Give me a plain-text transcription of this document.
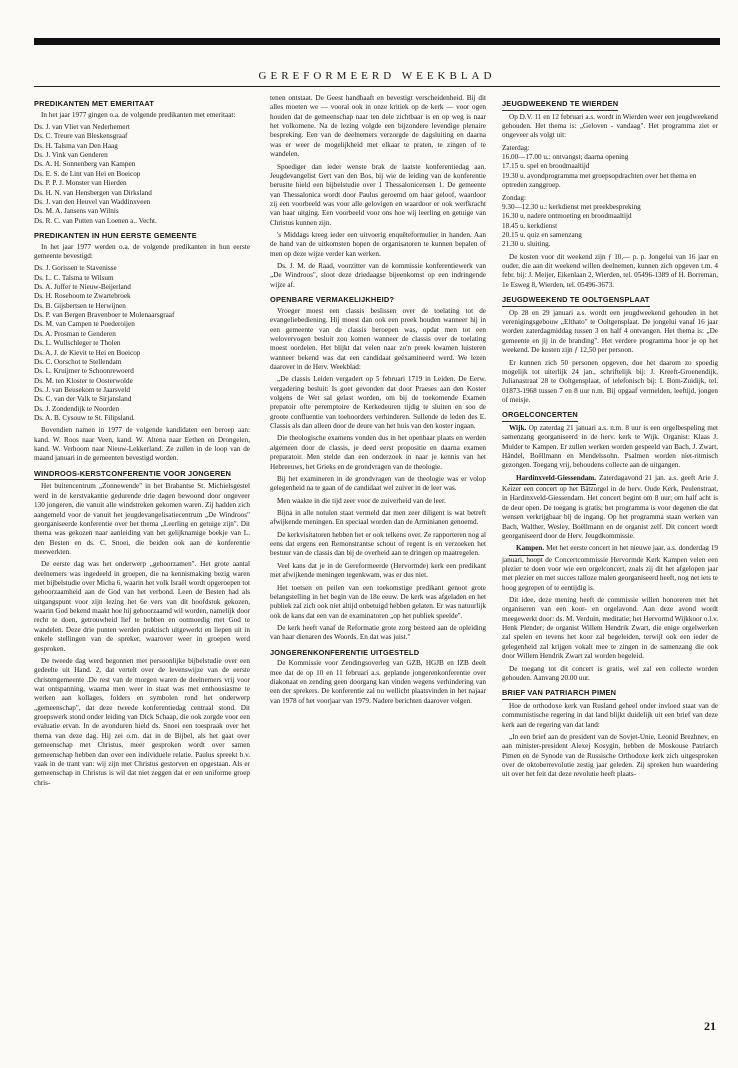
GEREFORMEERD WEEKBLAD
PREDIKANTEN MET EMERITAAT

In het jaar 1977 gingen o.a. de volgende predikanten met emeritaat:

Ds. J. van Vliet van Nederhemert
Ds. C. Treure van Bleskensgraaf
Ds. H. Talsma van Den Haag
Ds. J. Vink van Genderen
Ds. A. H. Sonnenberg van Kampen
Ds. E. S. de Lint van Hei en Boeicop
Ds. P. P. J. Monster van Hierden
Ds. H. N. van Hensbergen van Dirksland
Ds. J. van den Heuvel van Waddinxveen
Ds. M. A. Jansens van Wilnis
Ds. R. C. van Putten van Loenen a.. Vecht.
PREDIKANTEN IN HUN EERSTE GEMEENTE

In het jaar 1977 werden o.a. de volgende predikanten in hun eerste gemeente bevestigd:

Ds. J. Gorissen te Stavenisse
Ds. L. C. Talsma te Wilsum
Ds. A. Juffer te Nieuw-Beijerland
Ds. H. Roseboom te Zwartebroek
Ds. B. Gijsbertsen te Herwijnen
Ds. P. van Bergen Bravenboer te Molenaarsgraaf
Ds. M. van Campen te Poederoijen
Ds. A. Prosman te Genderen
Ds. L. Wullschleger te Tholen
Ds. A. J. de Kievit te Hei en Boeicop
Ds. C. Oorschot te Stellendam
Ds. L. Kruijmer te Schoonrewoerd
Ds. M. ten Kloster te Oosterwolde
Ds. J. van Beusekom te Jaarsveld
Ds. C. van der Valk te Sirjansland
Ds. J. Zondendijk te Noorden
Ds. A. B. Cysouw te St. Filipsland.

Bovendien namen in 1977 de volgende kandidaten een beroep aan: kand. W. Roos naar Veen, kand. W. Altena naar Eethen en Drongelen, kand. W. Verhoom naar Nieuw-Lekkerland. Ze zullen in de loop van de maand januari in de gemeenten bevestigd worden.

WINDROOS-KERSTCONFERENTIE VOOR JONGEREN

Het buitencentrum „Zonnewende" in het Brabantse St. Michielsgestel werd in de kerstvakantie gedurende drie dagen bewoond door ongeveer 130 jongeren, die vanuit alle windstreken gekomen waren. Zij hadden zich aangemeld voor de vanuit het jeugdevangelisatiecentrum „De Windroos" georganiseerde konferentie over het thema „Leerling en getuige zijn". Dit thema was gekozen naar aanleiding van het gelijknamige boekje van L. den Besten en ds. C. Snoei, die beiden ook aan de konferentie meewerkten.

De eerste dag was het onderwerp „gehoorzamen". Het grote aantal deelnemers was ingedeeld in groepen, die na kennismaking bezig waren met bijbelstudie over Micha 6, waarin het volk Israël wordt opgeroepen tot gehoorzaamheid aan de God van het verbond. Leen de Besten had als uitgangspunt voor zijn lezing het 6e vers van dit hoofdstuk gekozen, waarin God bekend maakt hoe hij gehoorzaamd wil worden, namelijk door recht te doen, getrouwheid lief te hebben en ootmoedig met God te wandelen. Deze drie punten werden praktisch uitgewerkt en liepen uit in enkele stellingen van de spreker, waarover weer in groepen werd gesproken.

De tweede dag werd begonnen met persoonlijke bijbelstudie over een gedeelte uit Hand. 2, dat vertelt over de levenswijze van de eerste christengemeente .De rest van de morgen waren de deelnemers vrij voor wat ontspanning, waarna men weer in staat was met enthousiasme te werken aan kollages, folders en symbolen rond het onderwerp „gemeenschap", dat deze tweede konferentiedag centraal stond. Dit groepswerk stond onder leiding van Dick Schaap, die ook zorgde voor een evaluatie ervan. In de avonduren hield ds. Snoei een toespraak over het thema van deze dag. Hij zei o.m. dat in de Bijbel, als het gaat over gemeenschap met Christus, meer gesproken wordt over samen gemeenschap hebben dan over een individuele relatie. Paulus spreekt b.v. vaak in de trant van: wij zijn met Christus gestorven en opgestaan. Als er gemeenschap in Christus is wil dat niet zeggen dat er een uniforme groep chris-

tenen ontstaat. De Geest handhaaft en bevestigt verscheidenheid. Bij dit alles moeten we — vooral ook in onze kritiek op de kerk — voor ogen houden dat de gemeenschap naar ten dele zichtbaar is en op weg is naar het volkomene. Na de lezing volgde een bijzondere levendige plenaire bespreking. Een van de deelnemers verzorgde de dagsluiting en daarna was er weer de mogelijkheid met elkaar te praten, te zingen of te wandelen.

Spoediger dan ieder wenste brak de laatste konferentiedag aan. Jeugdevangelist Gert van den Bos, bij wie de leiding van de konferentie berustte hield een bijbelstudie over 1 Thessalonicensen 1. De gemeente van Thessalonica wordt door Paulus geroemd om haar geloof, waardoor zij een voorbeeld was voor alle gelovigen en waardoor er ook werfkracht van haar uitging. Een voorbeeld voor ons hoe wij leerling en getuige van Christus kunnen zijn.

's Middags kreeg ieder een uitvoerig enquêteformulier in handen. Aan de hand van de uitkomsten hopen de organisatoren te kunnen bepalen of men op deze wijze verder kan werken.

Ds. J. M. de Raad, voorzitter van de kommissie konferentiewerk van „De Windroos", sloot deze driedaagse bijeenkomst op een indringende wijze af.

OPENBARE VERMAKELIJKHEID?

Vroeger moest een classis beslissen over de toelating tot de evangeliebediening. Hij moest dan ook een preek houden wanneer hij in een gemeente van de classis beroepen was, opdat men tot een welovervogen besluit zou komen wanneer de classis over de toelating moest oordelen. Het blijkt dat velen naar zo'n preek kwamen luisteren wanneer bekend was dat een candidaat geëxamineerd werd. We lezen daarover in de Herv. Weekblad:

„De classis Leiden vergadert op 5 februari 1719 in Leiden. De Eerw. vergadering besluit: Is goet gevonden dat door Praeses aan den Koster volgens de Wet sal gelast worden, om bij de toekomende Examen prepatoir ofte peremptoire de Kerkedeuren tijdig te sluiten en soo de groote confluentie van toehoorders verhinderen. Sullende de leden des E. Classis als dan alleen door de deure van het huis van den koster ingaan.

Die theologische examens vonden dus in het openbaar plaats en werden algemeen door de classis, je deed eerst propositie en daarna examen preparatoir. Men stelde dan een onderzoek in naar je kennis van het Hebreeuws, het Grieks en de grondvragen van de theologie.

Bij het examineren in de grondvragen van de theologie was er volop gelegenheid na te gaan of de candidaat wel zuiver in de leer was.

Men waakte in die tijd zeer voor de zuiverheid van de leer.

Bijna in alle notulen staat vermeld dat men zeer diligent is wat betreft afwijkende meningen. En speciaal worden dan de Arminianen genoemd.

De kerkvisitatoren hebben het er ook telkens over. Ze rapporteren nog al eens dat ergens een Remonstrantse schout of regent is en verzoeken het bestuur van de classis dan bij de overheid aan te dringen op maatregelen.

Veel kans dat je in de Gereformeerde (Hervormde) kerk een predikant met afwijkende meningen tegenkwam, was er dus niet.

Het toetsen en peilen van een toekomstige predikant genoot grote belangstelling in het begin van de 18e eeuw. De kerk was afgeladen en het publiek zal zich ook niet altijd onbetuigd hebben gelaten. Er was natuurlijk ook de kans dat een van de examinatoren „op het publiek speelde".

De kerk heeft vanaf de Reformatie grote zorg besteed aan de opleiding van haar dienaren des Woords. En dat was juist."

JONGERENKONFERENTIE UITGESTELD

De Kommissie voor Zendingsoverleg van GZB, HGJB en IZB deelt mee dat de op 10 en 11 februari a.s. geplande jongerenkonferentie over diakonaat en zending geen doorgang kan vinden wegens verhindering van een der sprekers. De konferentie zal nu wellicht plaatsvinden in het najaar van 1978 of het voorjaar van 1979. Nadere berichten daarover volgen.

JEUGDWEEKEND TE WIERDEN

Op D.V. 11 en 12 februari a.s. wordt in Wierden weer een jeugdweekend gehouden. Het thema is: „Geloven - vandaag". Het programma ziet er ongeveer als volgt uit:

Zaterdag:
16.00—17.00 u.: ontvangst; daarna opening
17.15 u. spel en broodmaaltijd
19.30 u. avondprogramma met groepsopdrachten over het thema en optreden zanggroep.
Zondag:
9.30—12.30 u.: kerkdienst met preekbespreking
16.30 u. nadere ontmoeting en broodmaaltijd
18.45 u. kerkdienst
20.15 u. quiz en samenzang
21.30 u. sluiting.

De kosten voor dit weekend zijn ƒ 10,— p. p. Jongelui van 16 jaar en ouder, die aan dit weekend willen deelnemen, kunnen zich opgeven t.m. 4 febr. bij: J. Meijer, Eikenlaan 2, Wierden, tel. 05496-1389 of H. Borreman, 1e Esweg 8, Wierden, tel. 05496-3673.

JEUGDWEEKEND TE OOLTGENSPLAAT

Op 28 en 29 januari a.s. wordt een jeugdweekend gehouden in het verenigingsgebouw „Elthato" te Ooltgensplaat. De jongelui vanaf 16 jaar worden zaterdagmiddag tussen 3 en half 4 ontvangen. Het thema is: „De gemeente en jij in de branding". Het verdere programma hoor je op het weekend. De kosten zijn ƒ 12,50 per persoon.

Er kunnen zich 50 personen opgeven, doe het daarom zo spoedig mogelijk tot uiterlijk 24 jan., schriftelijk bij: J. Kreeft-Groenendijk, Julianastraat 28 te Ooltgensplaat, of telefonisch bij: I. Bom-Zuidijk, tel. 01873-1968 tussen 7 en 8 uur n.m. Bij opgaaf vermelden, leeftijd, jongen of meisje.

ORGELCONCERTEN

Wijk. Op zaterdag 21 januari a.s. n.m. 8 uur is een orgelbespeling met samenzang georganiseerd in de herv. kerk te Wijk. Organist: Klaas J. Mulder te Kampen. Er zullen werken worden gespeeld van Bach, J. Zwart, Händel, Boëllmann en Mendelssohn. Psalmen worden niet-ritmisch gezongen. Toegang vrij, behoudens collecte aan de uitgangen.

Hardinxveld-Giessendam. Zaterdagavond 21 jan. a.s. geeft Arie J. Keizer een concert op het Bätzorgel in de herv. Oude Kerk, Peulenstraat, in Hardinxveld-Giessendam. Het concert begint om 8 uur; om half acht is de deur open. De toegang is gratis; het programma is voor degenen die dat wensen verkrijgbaar bij de ingang. Op het programma staan werken van Bach, Walther, Wesley, Boëllmann en de organist zelf. Dit concert wordt georganiseerd door de Herv. Jeugdkommissie.

Kampen. Met het eerste concert in het nieuwe jaar, a.s. donderdag 19 januari, hoopt de Concertcommissie Hervormde Kerk Kampen velen een plezier te doen voor wie een orgelconcert, zoals zij dit het afgelopen jaar met plezier en met succes talloze malen georganiseerd heeft, nog net iets te hoog gegrepen of te eentijdig is.

Dit idee, deze mening heeft de commissie willen honoreren met het organiseren van een koor- en orgelavond. Aan deze avond wordt meegewerkt door: ds. M. Verduin, meditatie; het Hervormd Wijkkoor o.l.v. Henk Plender; de organist Willem Hendrik Zwart, die enige orgelwerken zal spelen en tevens het koor zal begeleiden, terwijl ook een ieder de gelegenheid zal krijgen vokalt mee te zingen in de samenzang die ook door Willem Hendrik Zwart zal worden begeleid.

De toegang tot dit concert is gratis, wel zal een collecte worden gehouden. Aanvang 20.00 uur.

BRIEF VAN PATRIARCH PIMEN

Hoe de orthodoxe kerk van Rusland geheel onder invloed staat van de communistische regering in dat land blijkt duidelijk uit een brief van deze kerk aan de regering van dat land:

„In een brief aan de president van de Sovjet-Unie, Leonid Brezhnev, en aan minister-president Alexej Kosygin, hebben de Moskouse Patriarch Pimen en de Synode van de Russische Orthodoxe kerk zich uitgesproken over de oktoberrevolutie zestig jaar geleden. Zij spreken hun waardering uit over het feit dat deze revolutie heeft plaats-

21
